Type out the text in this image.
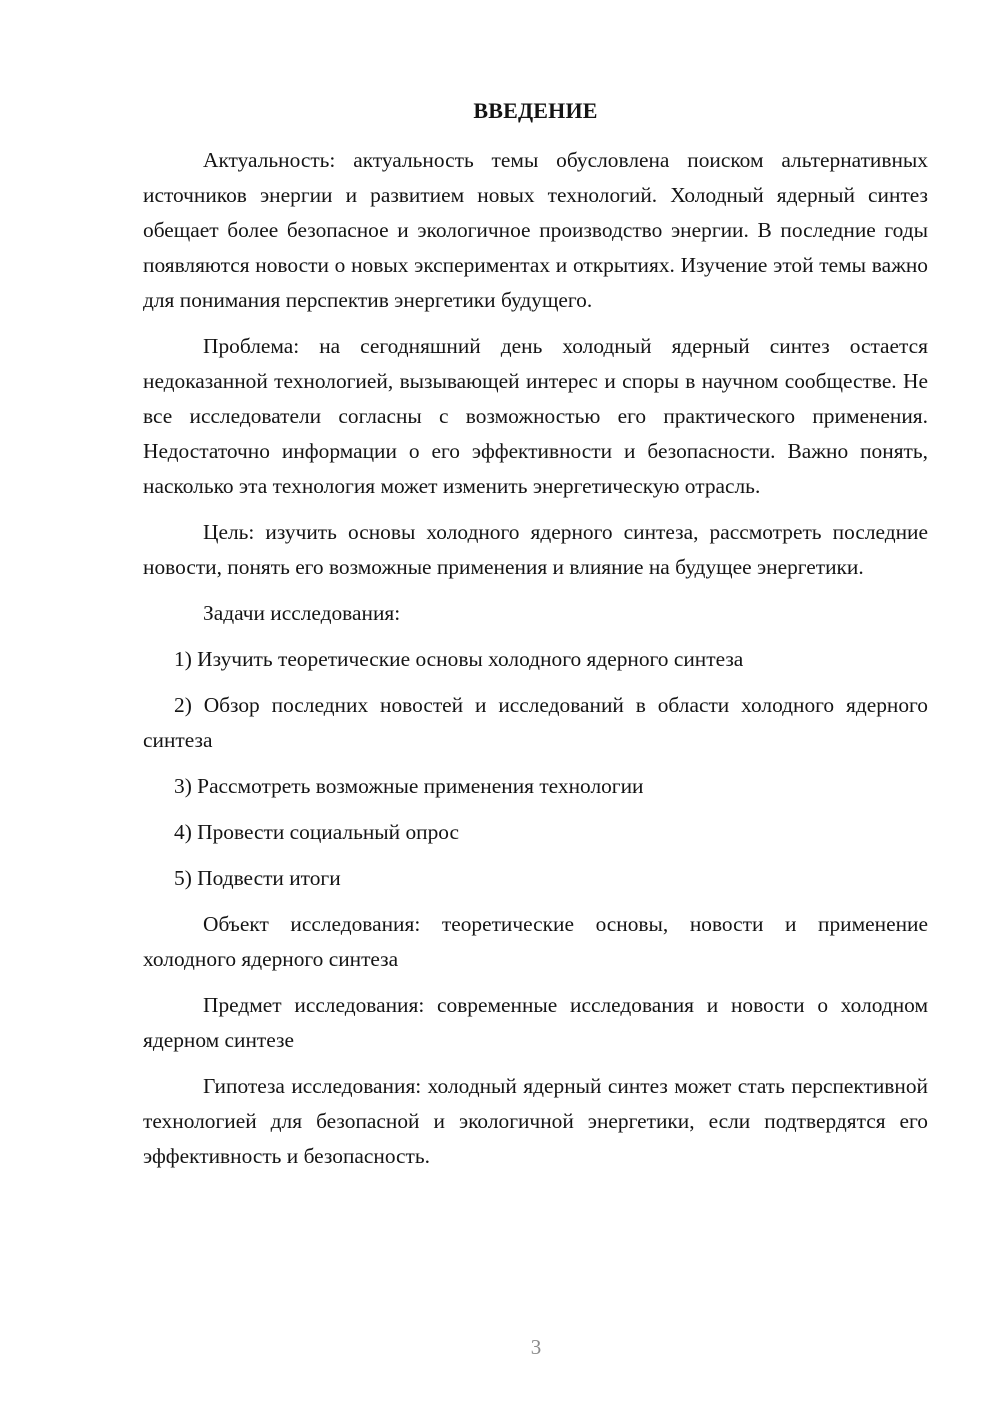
ВВЕДЕНИЕ

Актуальность: актуальность темы обусловлена поиском альтернативных источников энергии и развитием новых технологий. Холодный ядерный синтез обещает более безопасное и экологичное производство энергии. В последние годы появляются новости о новых экспериментах и открытиях. Изучение этой темы важно для понимания перспектив энергетики будущего.

Проблема: на сегодняшний день холодный ядерный синтез остается недоказанной технологией, вызывающей интерес и споры в научном сообществе. Не все исследователи согласны с возможностью его практического применения. Недостаточно информации о его эффективности и безопасности. Важно понять, насколько эта технология может изменить энергетическую отрасль.

Цель: изучить основы холодного ядерного синтеза, рассмотреть последние новости, понять его возможные применения и влияние на будущее энергетики.

Задачи исследования:

1) Изучить теоретические основы холодного ядерного синтеза

2) Обзор последних новостей и исследований в области холодного ядерного синтеза

3) Рассмотреть возможные применения технологии

4) Провести социальный опрос

5) Подвести итоги

Объект исследования: теоретические основы, новости и применение холодного ядерного синтеза

Предмет исследования: современные исследования и новости о холодном ядерном синтезе

Гипотеза исследования: холодный ядерный синтез может стать перспективной технологией для безопасной и экологичной энергетики, если подтвердятся его эффективность и безопасность.

3
